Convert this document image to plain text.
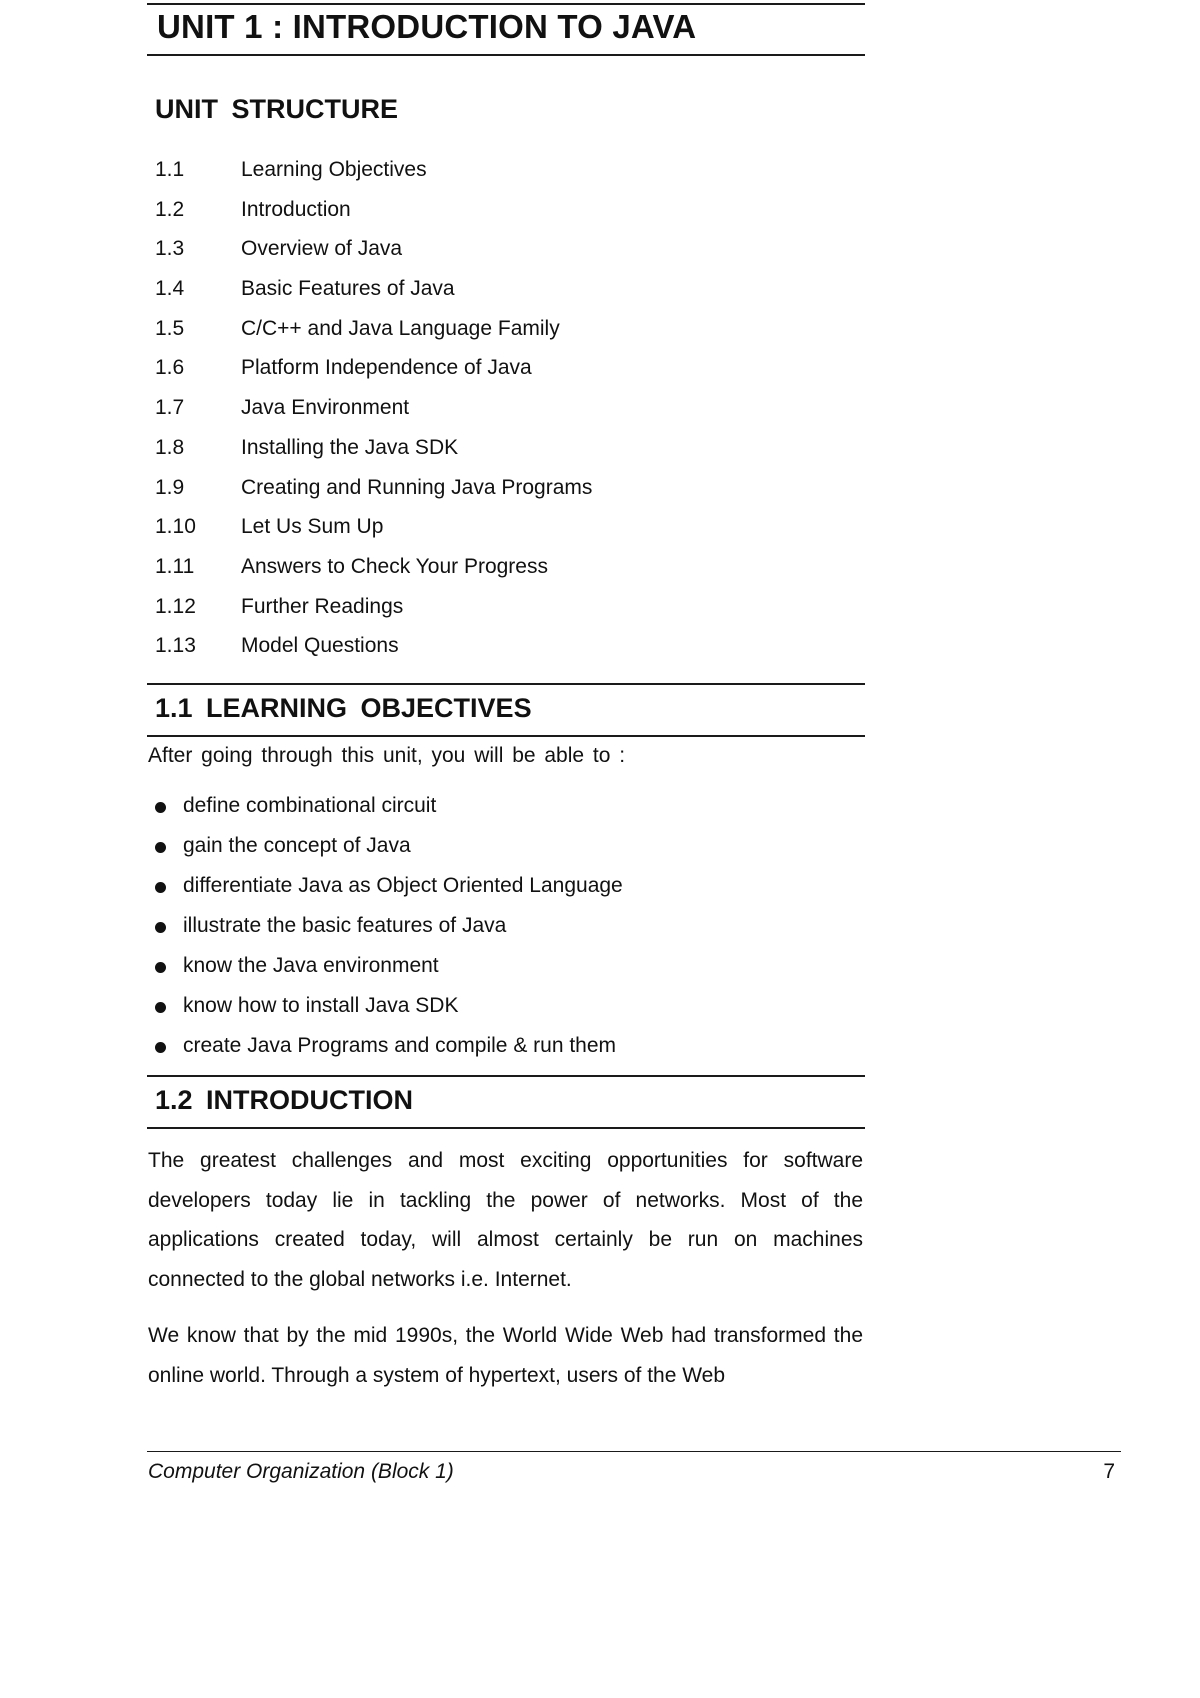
UNIT 1 : INTRODUCTION TO JAVA
UNIT STRUCTURE
1.1	Learning Objectives
1.2	Introduction
1.3	Overview of Java
1.4	Basic Features of Java
1.5	C/C++ and Java Language Family
1.6	Platform Independence of Java
1.7	Java Environment
1.8	Installing the Java SDK
1.9	Creating and Running Java Programs
1.10	Let Us Sum Up
1.11	Answers to Check Your Progress
1.12	Further Readings
1.13	Model Questions
1.1 LEARNING OBJECTIVES
After going through this unit, you will be able to :
define combinational circuit
gain the concept of Java
differentiate Java as Object Oriented Language
illustrate the basic features of Java
know the Java environment
know how to install Java SDK
create Java Programs and compile & run them
1.2 INTRODUCTION

The greatest challenges and most exciting opportunities for software developers today lie in tackling the power of networks. Most of the applications created today, will almost certainly be run on machines connected to the global networks i.e. Internet.

We know that by the mid 1990s, the World Wide Web had transformed the online world. Through a system of hypertext, users of the Web

Computer Organization (Block 1)	7
